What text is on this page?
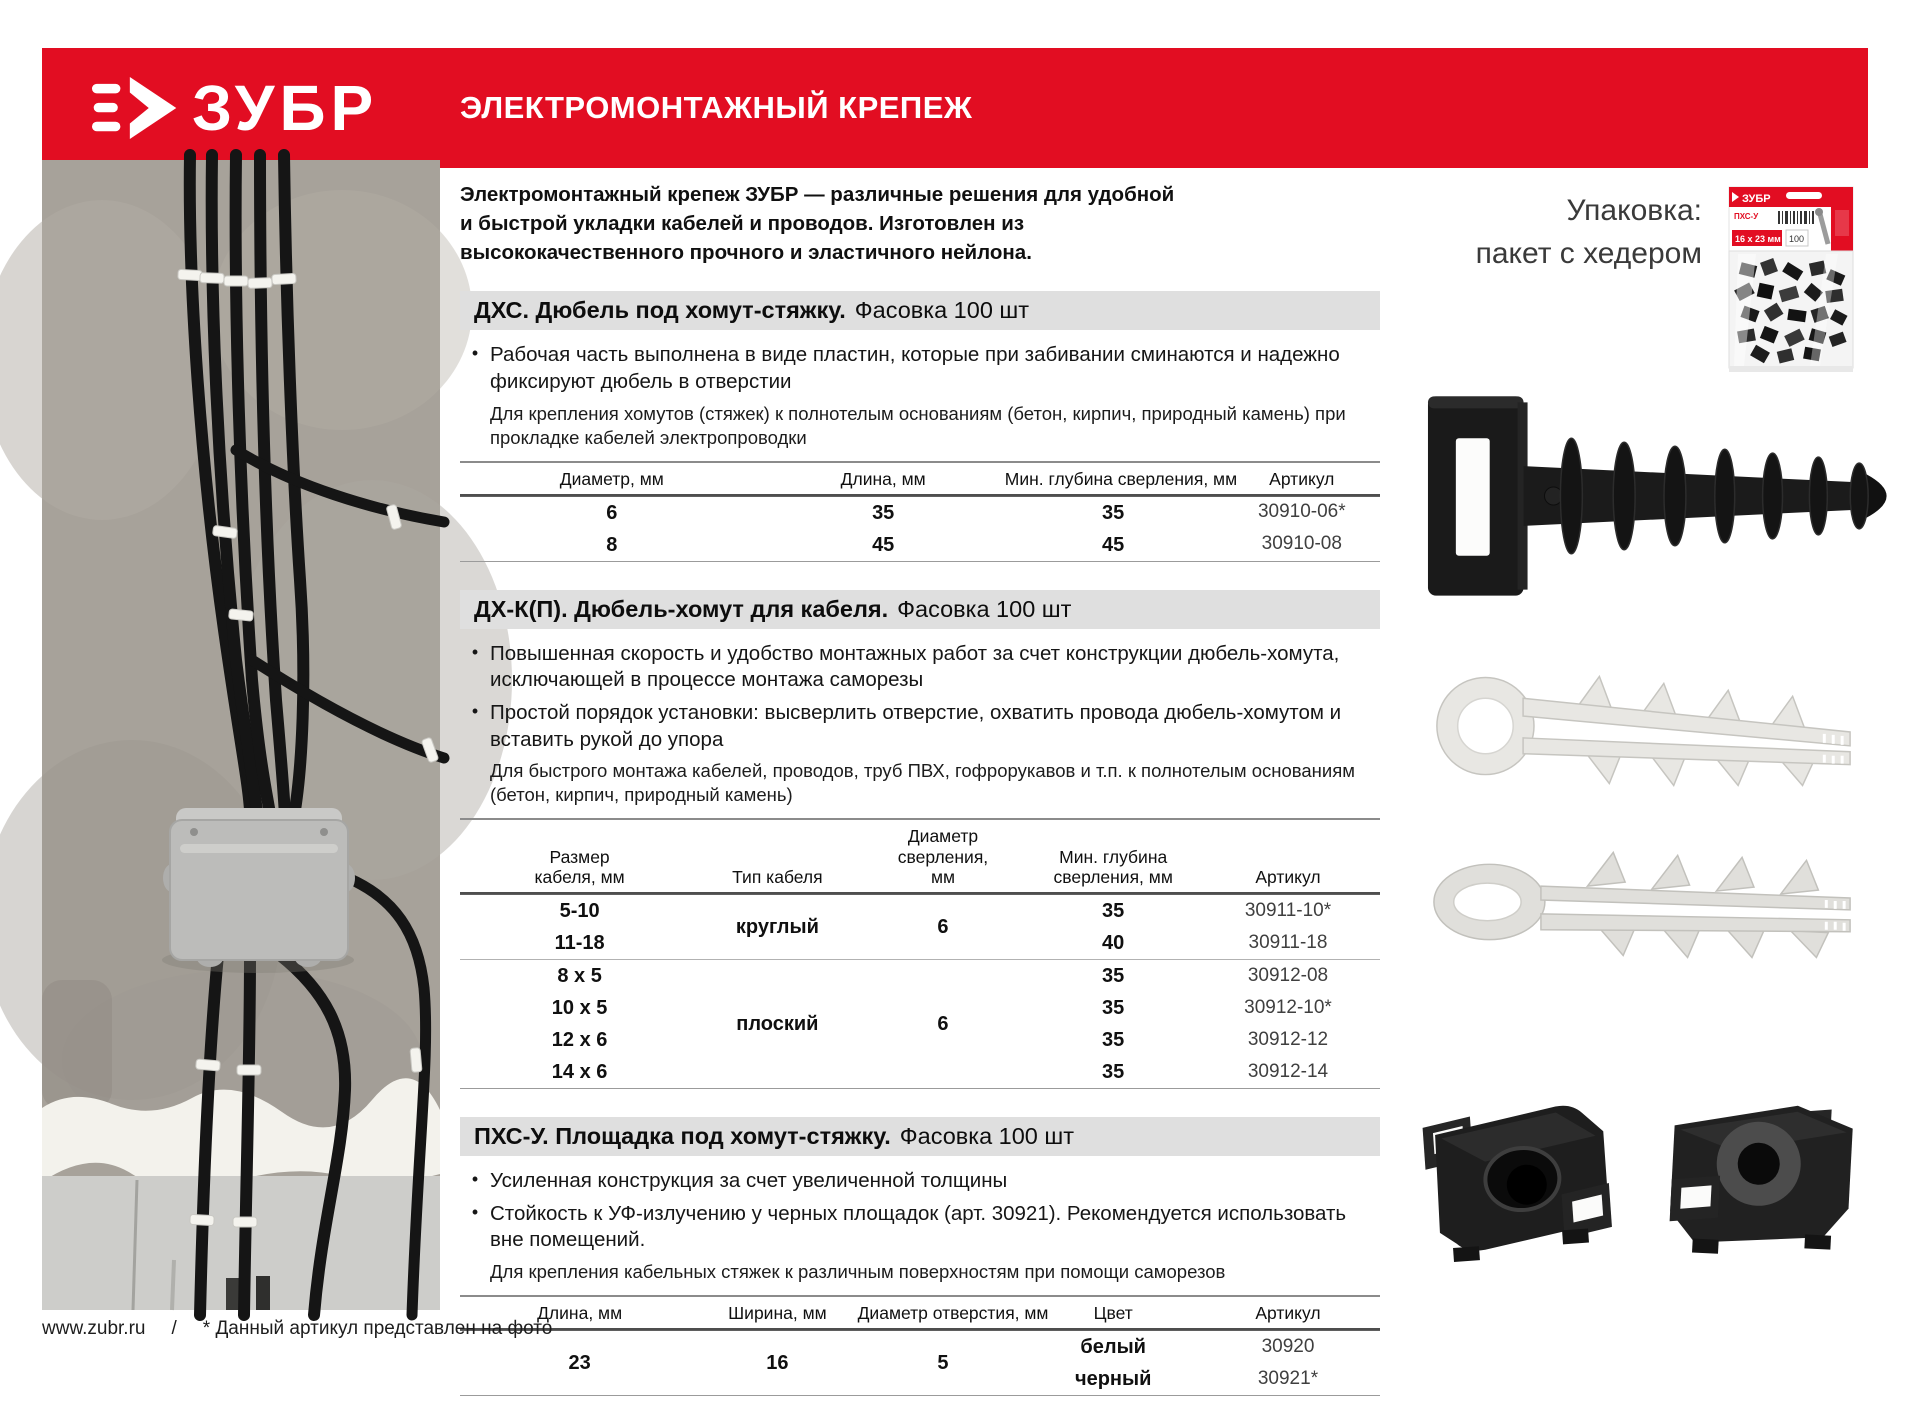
ЗУБР	ЭЛЕКТРОМОНТАЖНЫЙ КРЕПЕЖ

Электромонтажный крепеж ЗУБР — различные решения для удобной и быстрой укладки кабелей и проводов. Изготовлен из высококачественного прочного и эластичного нейлона.

ДХС. Дюбель под хомут-стяжку. Фасовка 100 шт
• Рабочая часть выполнена в виде пластин, которые при забивании сминаются и надежно фиксируют дюбель в отверстии
Для крепления хомутов (стяжек) к полнотелым основаниям (бетон, кирпич, природный камень) при прокладке кабелей электропроводки
Диаметр, мм	Длина, мм	Мин. глубина сверления, мм	Артикул
6	35	35	30910-06*
8	45	45	30910-08
ДХ-К(П). Дюбель-хомут для кабеля. Фасовка 100 шт
• Повышенная скорость и удобство монтажных работ за счет конструкции дюбель-хомута, исключающей в процессе монтажа саморезы
• Простой порядок установки: высверлить отверстие, охватить провода дюбель-хомутом и вставить рукой до упора
Для быстрого монтажа кабелей, проводов, труб ПВХ, гофрорукавов и т.п. к полнотелым основаниям (бетон, кирпич, природный камень)
Размер кабеля, мм	Тип кабеля	Диаметр сверления, мм	Мин. глубина сверления, мм	Артикул
5-10	круглый	6	35	30911-10*
11-18			40	30911-18
8 х 5	плоский	6	35	30912-08
10 х 5			35	30912-10*
12 х 6			35	30912-12
14 х 6			35	30912-14
ПХС-У. Площадка под хомут-стяжку. Фасовка 100 шт
• Усиленная конструкция за счет увеличенной толщины
• Стойкость к УФ-излучению у черных площадок (арт. 30921). Рекомендуется использовать вне помещений.
Для крепления кабельных стяжек к различным поверхностям при помощи саморезов
Длина, мм	Ширина, мм	Диаметр отверстия, мм	Цвет	Артикул
23	16	5	белый	30920
			черный	30921*
Упаковка:
пакет с хедером
ЗУБР
ПХС-У
16 х 23 мм 100
www.zubr.ru / * Данный артикул представлен на фото
